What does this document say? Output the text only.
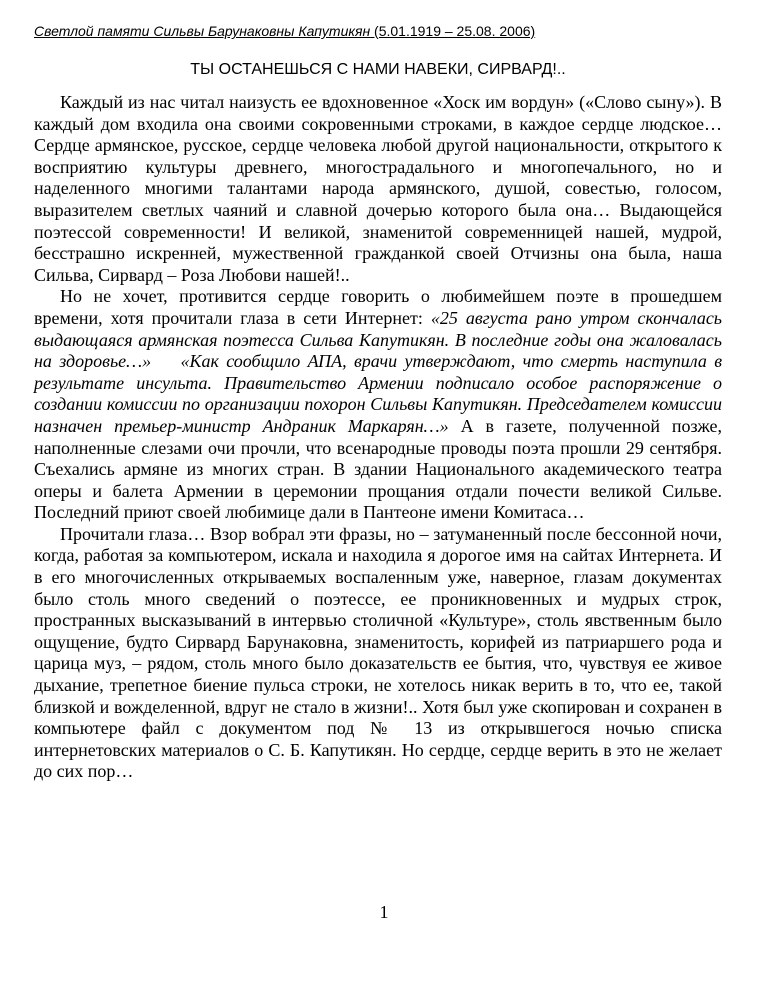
Светлой памяти Сильвы Барунаковны Капутикян (5.01.1919 – 25.08. 2006)
ТЫ ОСТАНЕШЬСЯ С НАМИ НАВЕКИ, СИРВАРД!..

Каждый из нас читал наизусть ее вдохновенное «Хоск им вордун» («Слово сыну»). В каждый дом входила она своими сокровенными строками, в каждое сердце людское… Сердце армянское, русское, сердце человека любой другой национальности, открытого к восприятию культуры древнего, многострадального и многопечального, но и наделенного многими талантами народа армянского, душой, совестью, голосом, выразителем светлых чаяний и славной дочерью которого была она… Выдающейся поэтессой современности! И великой, знаменитой современницей нашей, мудрой, бесстрашно искренней, мужественной гражданкой своей Отчизны она была, наша Сильва, Сирвард – Роза Любови нашей!..

Но не хочет, противится сердце говорить о любимейшем поэте в прошедшем времени, хотя прочитали глаза в сети Интернет: «25 августа рано утром скончалась выдающаяся армянская поэтесса Сильва Капутикян. В последние годы она жаловалась на здоровье…» «Как сообщило АПА, врачи утверждают, что смерть наступила в результате инсульта. Правительство Армении подписало особое распоряжение о создании комиссии по организации похорон Сильвы Капутикян. Председателем комиссии назначен премьер-министр Андраник Маркарян…» А в газете, полученной позже, наполненные слезами очи прочли, что всенародные проводы поэта прошли 29 сентября. Съехались армяне из многих стран. В здании Национального академического театра оперы и балета Армении в церемонии прощания отдали почести великой Сильве. Последний приют своей любимице дали в Пантеоне имени Комитаса…

Прочитали глаза… Взор вобрал эти фразы, но – затуманенный после бессонной ночи, когда, работая за компьютером, искала и находила я дорогое имя на сайтах Интернета. И в его многочисленных открываемых воспаленным уже, наверное, глазам документах было столь много сведений о поэтессе, ее проникновенных и мудрых строк, пространных высказываний в интервью столичной «Культуре», столь явственным было ощущение, будто Сирвард Барунаковна, знаменитость, корифей из патриаршего рода и царица муз, – рядом, столь много было доказательств ее бытия, что, чувствуя ее живое дыхание, трепетное биение пульса строки, не хотелось никак верить в то, что ее, такой близкой и вожделенной, вдруг не стало в жизни!.. Хотя был уже скопирован и сохранен в компьютере файл с документом под № 13 из открывшегося ночью списка интернетовских материалов о С. Б. Капутикян. Но сердце, сердце верить в это не желает до сих пор…

1
